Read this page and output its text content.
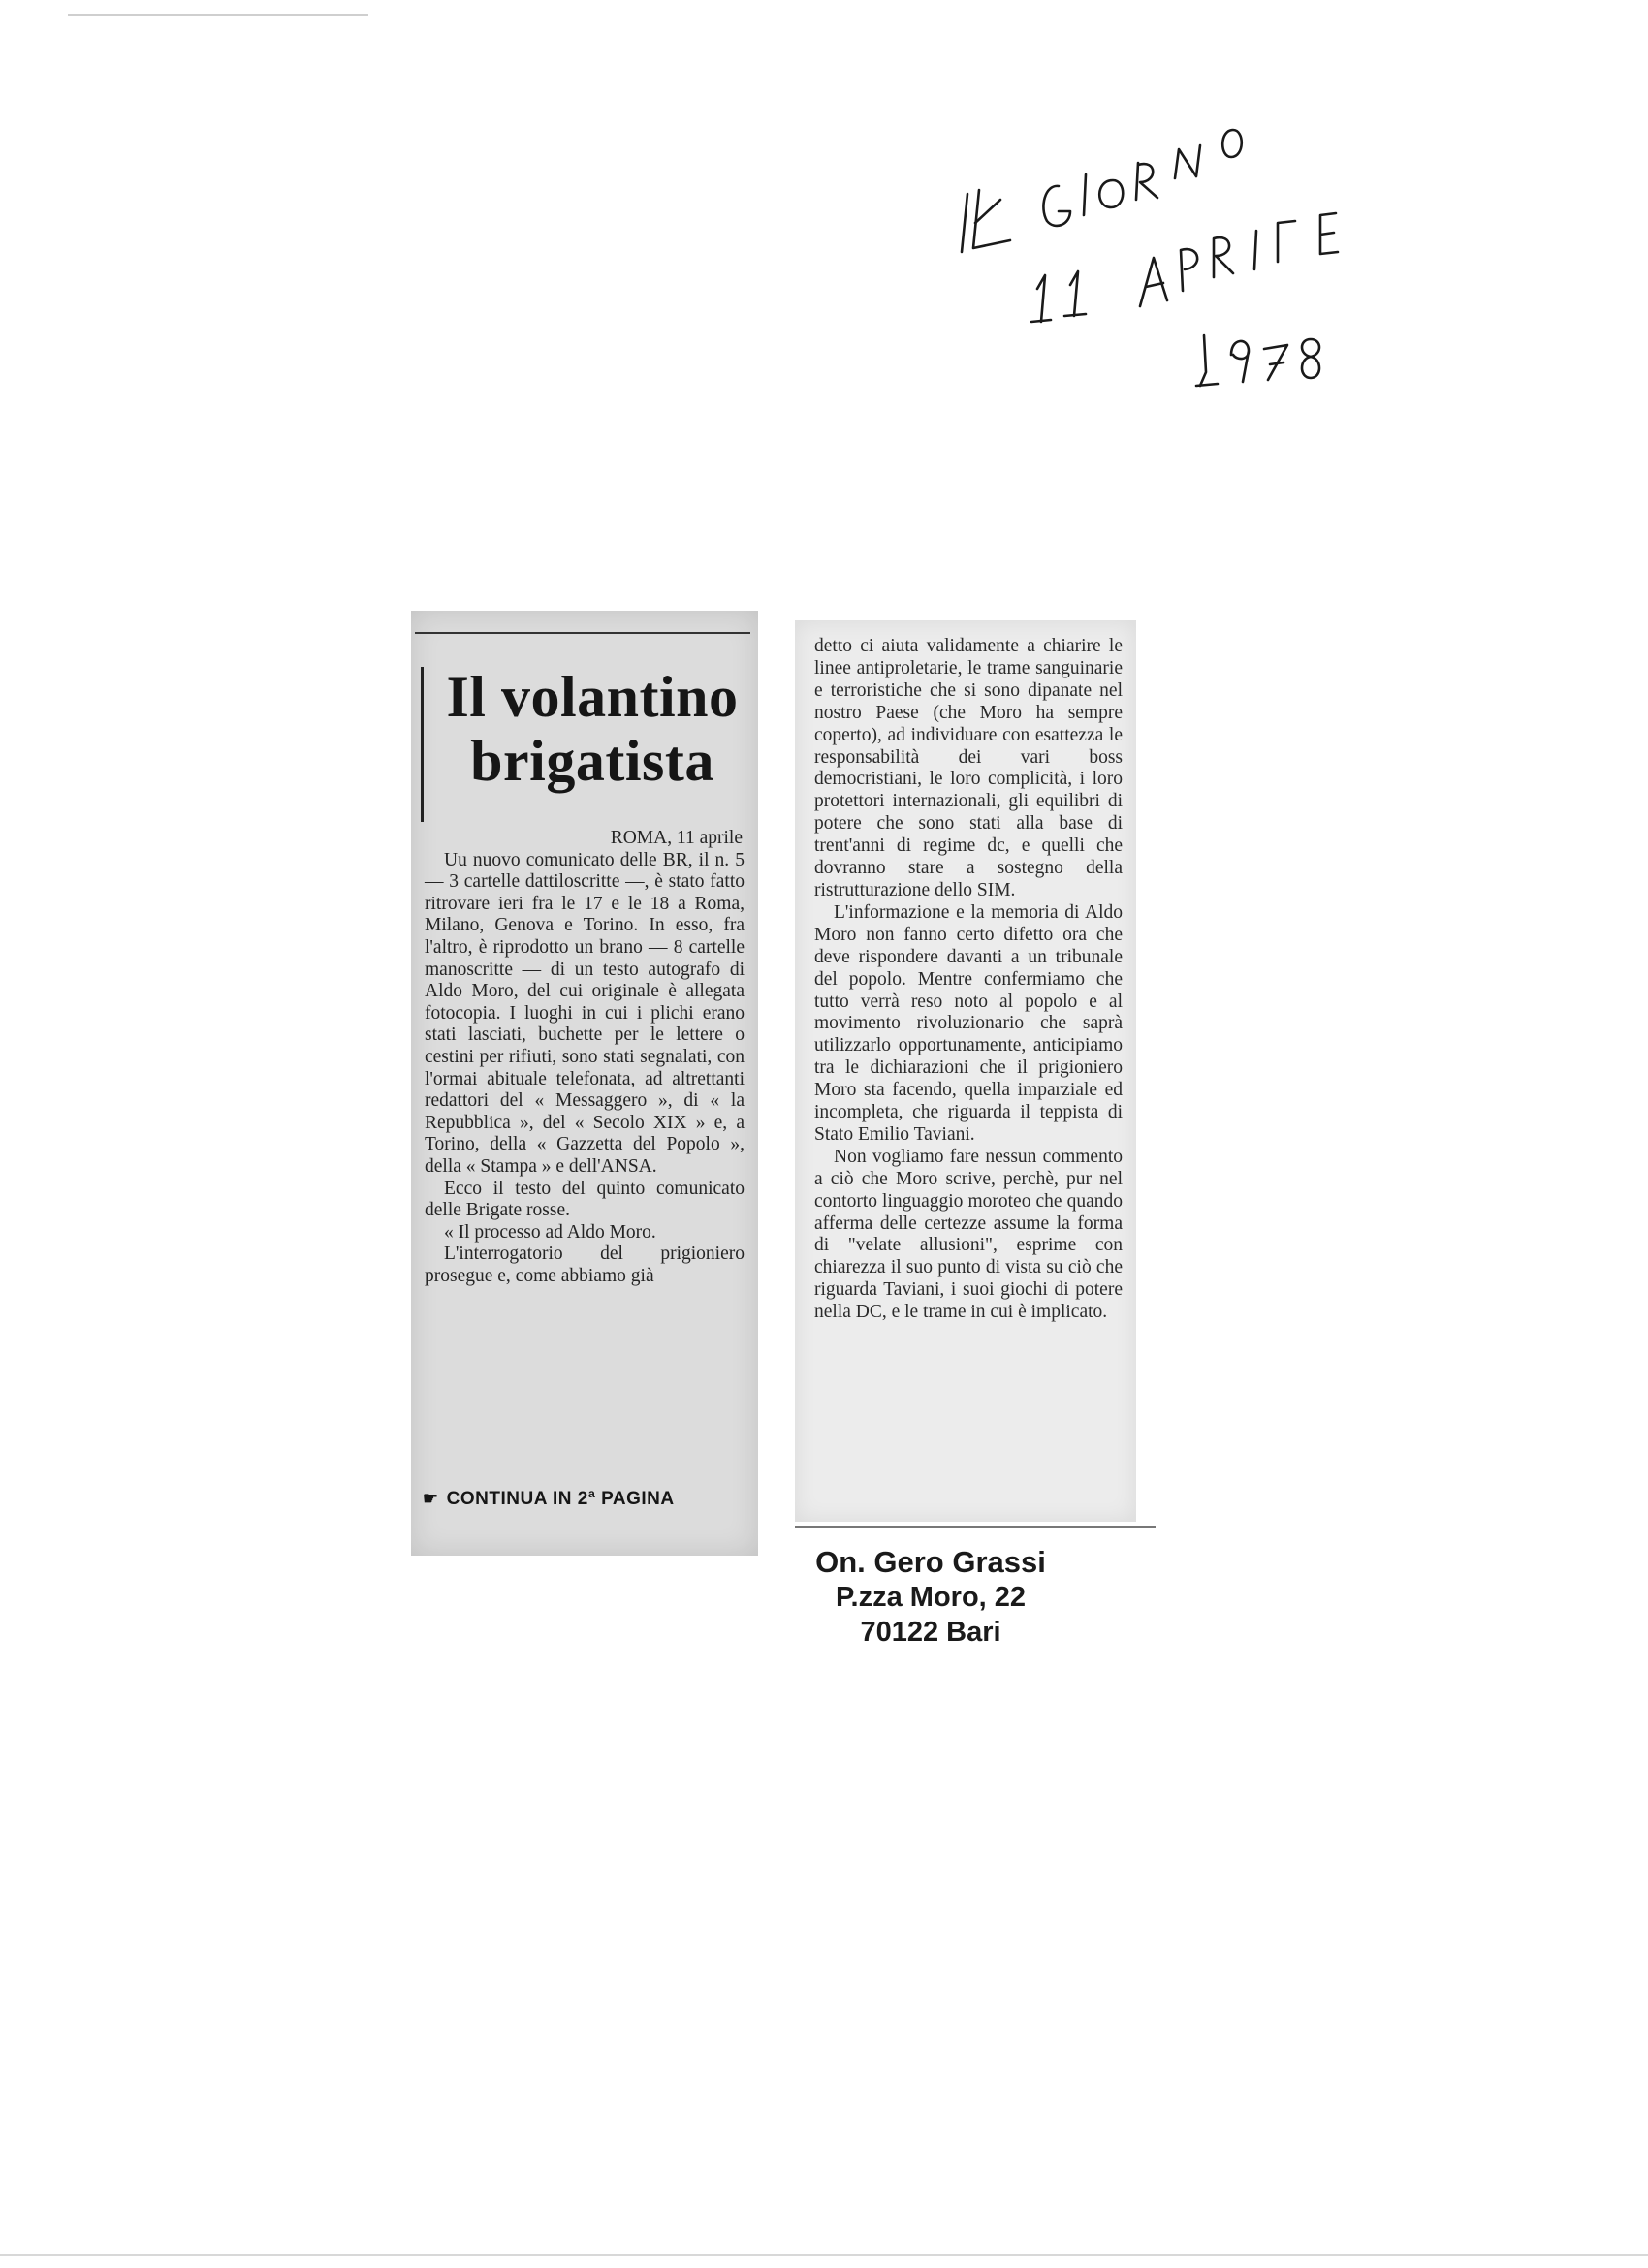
Il volantino
brigatista

ROMA, 11 aprile

Uu nuovo comunicato delle BR, il n. 5 — 3 cartelle dattiloscritte —, è stato fatto ritrovare ieri fra le 17 e le 18 a Roma, Milano, Genova e Torino. In esso, fra l'altro, è riprodotto un brano — 8 cartelle manoscritte — di un testo autografo di Aldo Moro, del cui originale è allegata fotocopia. I luoghi in cui i plichi erano stati lasciati, buchette per le lettere o cestini per rifiuti, sono stati segnalati, con l'ormai abituale telefonata, ad altrettanti redattori del « Messaggero », di « la Repubblica », del « Secolo XIX » e, a Torino, della « Gazzetta del Popolo », della « Stampa » e dell'ANSA.

Ecco il testo del quinto comunicato delle Brigate rosse.

« Il processo ad Aldo Moro.

L'interrogatorio del prigioniero prosegue e, come abbiamo già

☛ CONTINUA IN 2ª PAGINA

detto ci aiuta validamente a chiarire le linee antiproletarie, le trame sanguinarie e terroristiche che si sono dipanate nel nostro Paese (che Moro ha sempre coperto), ad individuare con esattezza le responsabilità dei vari boss democristiani, le loro complicità, i loro protettori internazionali, gli equilibri di potere che sono stati alla base di trent'anni di regime dc, e quelli che dovranno stare a sostegno della ristrutturazione dello SIM.

L'informazione e la memoria di Aldo Moro non fanno certo difetto ora che deve rispondere davanti a un tribunale del popolo. Mentre confermiamo che tutto verrà reso noto al popolo e al movimento rivoluzionario che saprà utilizzarlo opportunamente, anticipiamo tra le dichiarazioni che il prigioniero Moro sta facendo, quella imparziale ed incompleta, che riguarda il teppista di Stato Emilio Taviani.

Non vogliamo fare nessun commento a ciò che Moro scrive, perchè, pur nel contorto linguaggio moroteo che quando afferma delle certezze assume la forma di "velate allusioni", esprime con chiarezza il suo punto di vista su ciò che riguarda Taviani, i suoi giochi di potere nella DC, e le trame in cui è implicato.

On. Gero Grassi
P.zza Moro, 22
70122 Bari
